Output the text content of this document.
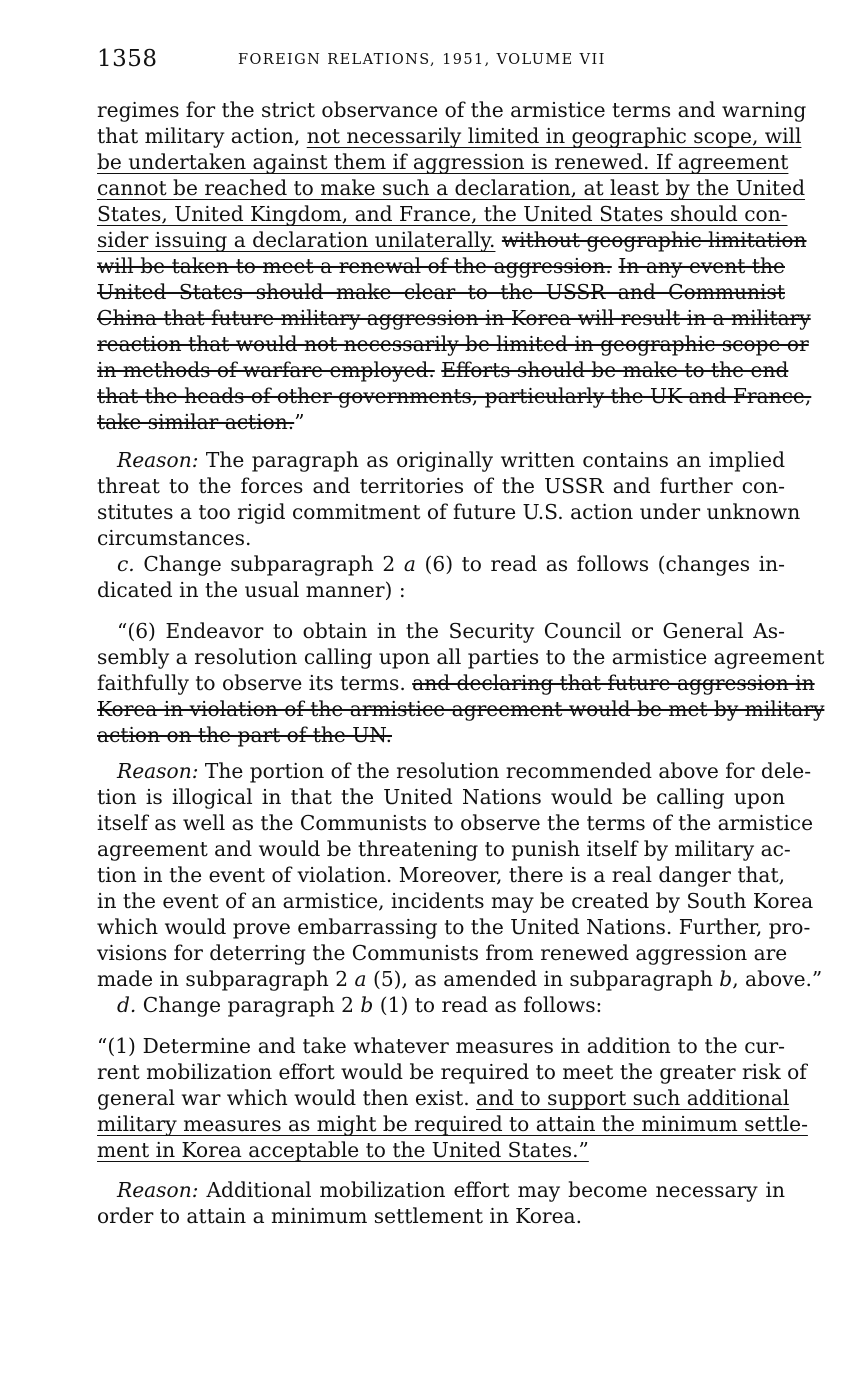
1358	FOREIGN RELATIONS, 1951, VOLUME VII
regimes for the strict observance of the armistice terms and warning
that military action, not necessarily limited in geographic scope, will
be undertaken against them if aggression is renewed. If agreement
cannot be reached to make such a declaration, at least by the United
States, United Kingdom, and France, the United States should con-
sider issuing a declaration unilaterally. without geographic limitation
will be taken to meet a renewal of the aggression. In any event the
United States should make clear to the USSR and Communist
China that future military aggression in Korea will result in a military
reaction that would not necessarily be limited in geographic scope or
in methods of warfare employed. Efforts should be make to the end
that the heads of other governments, particularly the UK and France,
take similar action.”
Reason: The paragraph as originally written contains an implied
threat to the forces and territories of the USSR and further con-
stitutes a too rigid commitment of future U.S. action under unknown
circumstances.
c. Change subparagraph 2 a (6) to read as follows (changes in-
dicated in the usual manner) :
“(6) Endeavor to obtain in the Security Council or General As-
sembly a resolution calling upon all parties to the armistice agreement
faithfully to observe its terms. and declaring that future aggression in
Korea in violation of the armistice agreement would be met by military
action on the part of the UN.
Reason: The portion of the resolution recommended above for dele-
tion is illogical in that the United Nations would be calling upon
itself as well as the Communists to observe the terms of the armistice
agreement and would be threatening to punish itself by military ac-
tion in the event of violation. Moreover, there is a real danger that,
in the event of an armistice, incidents may be created by South Korea
which would prove embarrassing to the United Nations. Further, pro-
visions for deterring the Communists from renewed aggression are
made in subparagraph 2 a (5), as amended in subparagraph b, above.”
d. Change paragraph 2 b (1) to read as follows:
“(1) Determine and take whatever measures in addition to the cur-
rent mobilization effort would be required to meet the greater risk of
general war which would then exist. and to support such additional
military measures as might be required to attain the minimum settle-
ment in Korea acceptable to the United States.”
Reason: Additional mobilization effort may become necessary in
order to attain a minimum settlement in Korea.
